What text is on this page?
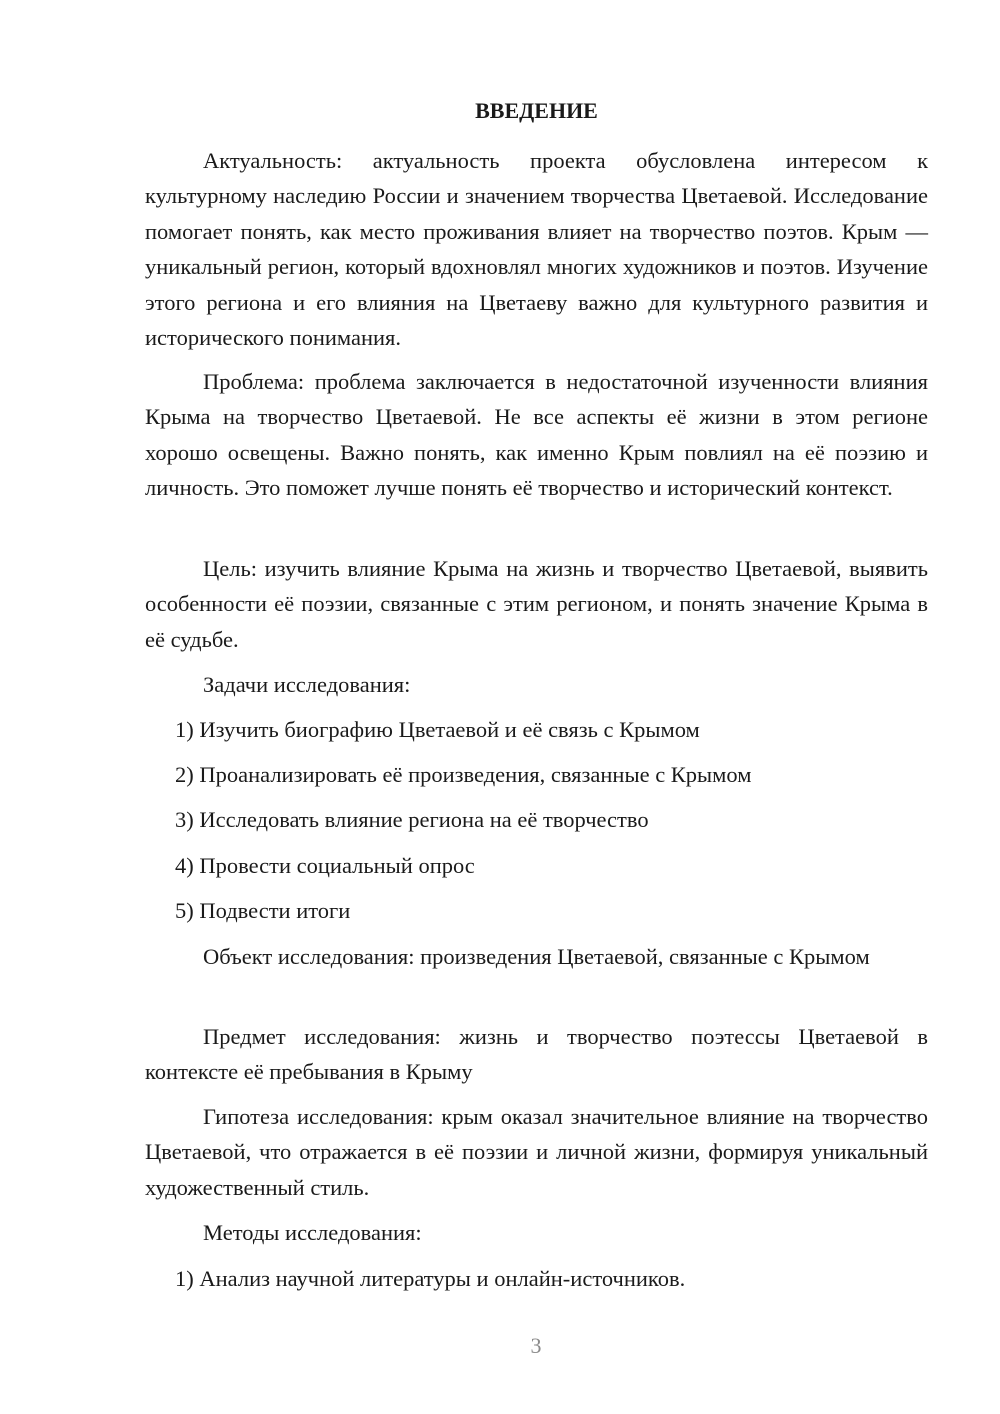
ВВЕДЕНИЕ
Актуальность: актуальность проекта обусловлена интересом к культурному наследию России и значением творчества Цветаевой. Исследование помогает понять, как место проживания влияет на творчество поэтов. Крым — уникальный регион, который вдохновлял многих художников и поэтов. Изучение этого региона и его влияния на Цветаеву важно для культурного развития и исторического понимания.
Проблема: проблема заключается в недостаточной изученности влияния Крыма на творчество Цветаевой. Не все аспекты её жизни в этом регионе хорошо освещены. Важно понять, как именно Крым повлиял на её поэзию и личность. Это поможет лучше понять её творчество и исторический контекст.
Цель: изучить влияние Крыма на жизнь и творчество Цветаевой, выявить особенности её поэзии, связанные с этим регионом, и понять значение Крыма в её судьбе.
Задачи исследования:
1) Изучить биографию Цветаевой и её связь с Крымом
2) Проанализировать её произведения, связанные с Крымом
3) Исследовать влияние региона на её творчество
4) Провести социальный опрос
5) Подвести итоги
Объект исследования: произведения Цветаевой, связанные с Крымом
Предмет исследования: жизнь и творчество поэтессы Цветаевой в контексте её пребывания в Крыму
Гипотеза исследования: крым оказал значительное влияние на творчество Цветаевой, что отражается в её поэзии и личной жизни, формируя уникальный художественный стиль.
Методы исследования:
1) Анализ научной литературы и онлайн-источников.
3
